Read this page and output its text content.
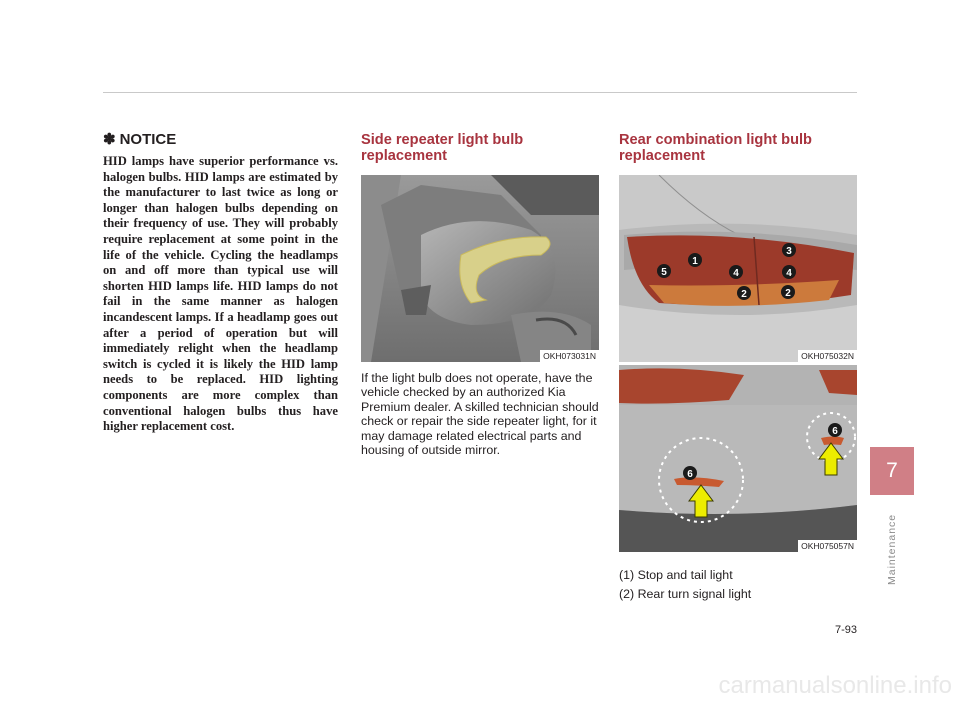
✽ NOTICE

HID lamps have superior performance vs. halogen bulbs. HID lamps are estimated by the manufacturer to last twice as long or longer than halogen bulbs depending on their frequency of use. They will probably require replacement at some point in the life of the vehicle. Cycling the headlamps on and off more than typical use will shorten HID lamps life. HID lamps do not fail in the same manner as halogen incandescent lamps. If a headlamp goes out after a period of operation but will immediately relight when the headlamp switch is cycled it is likely the HID lamp needs to be replaced. HID lighting components are more complex than conventional halogen bulbs thus have higher replacement cost.

Side repeater light bulb replacement
OKH073031N

If the light bulb does not operate, have the vehicle checked by an authorized Kia Premium dealer. A skilled technician should check or repair the side repeater light, for it may damage related electrical parts and housing of outside mirror.

Rear combination light bulb replacement
1
2	2
3
4	4
5
OKH075032N
6
6
OKH075057N

(1) Stop and tail light

(2) Rear turn signal light

7
Maintenance
7-93
carmanualsonline.info
